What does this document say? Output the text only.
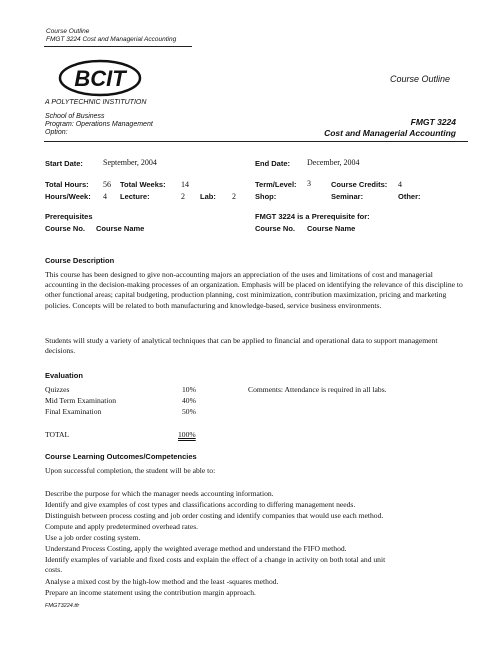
Course Outline
FMGT 3224 Cost and Managerial Accounting
BCIT
A POLYTECHNIC INSTITUTION
Course Outline
School of Business
Program: Operations Management
Option:
FMGT 3224
Cost and Managerial Accounting
Start Date:	September, 2004	End Date: December, 2004
Total Hours: 56 Total Weeks: 14	Term/Level: 3	Course Credits: 4
Hours/Week: 4 Lecture:	2 Lab: 2	Shop:	Seminar:	Other:
Prerequisites
Course No. Course Name
FMGT 3224 is a Prerequisite for:
Course No. Course Name
Course Description
This course has been designed to give non-accounting majors an appreciation of the uses and limitations of cost and managerial accounting in the decision-making processes of an organization. Emphasis will be placed on identifying the relevance of this discipline to other functional areas; capital budgeting, production planning, cost minimization, contribution maximization, pricing and marketing policies. Concepts will be related to both manufacturing and knowledge-based, service business environments.
Students will study a variety of analytical techniques that can be applied to financial and operational data to support management decisions.
Evaluation
Quizzes	10%
Mid Term Examination	40%
Final Examination	50%
Comments: Attendance is required in all labs.
TOTAL	100%
Course Learning Outcomes/Competencies
Upon successful completion, the student will be able to:
Describe the purpose for which the manager needs accounting information.
Identify and give examples of cost types and classifications according to differing management needs.
Distinguish between process costing and job order costing and identify companies that would use each method.
Compute and apply predetermined overhead rates.
Use a job order costing system.
Understand Process Costing, apply the weighted average method and understand the FIFO method.
Identify examples of variable and fixed costs and explain the effect of a change in activity on both total and unit
costs.
Analyse a mixed cost by the high-low method and the least -squares method.
Prepare an income statement using the contribution margin approach.
FMGT3224.tfr
